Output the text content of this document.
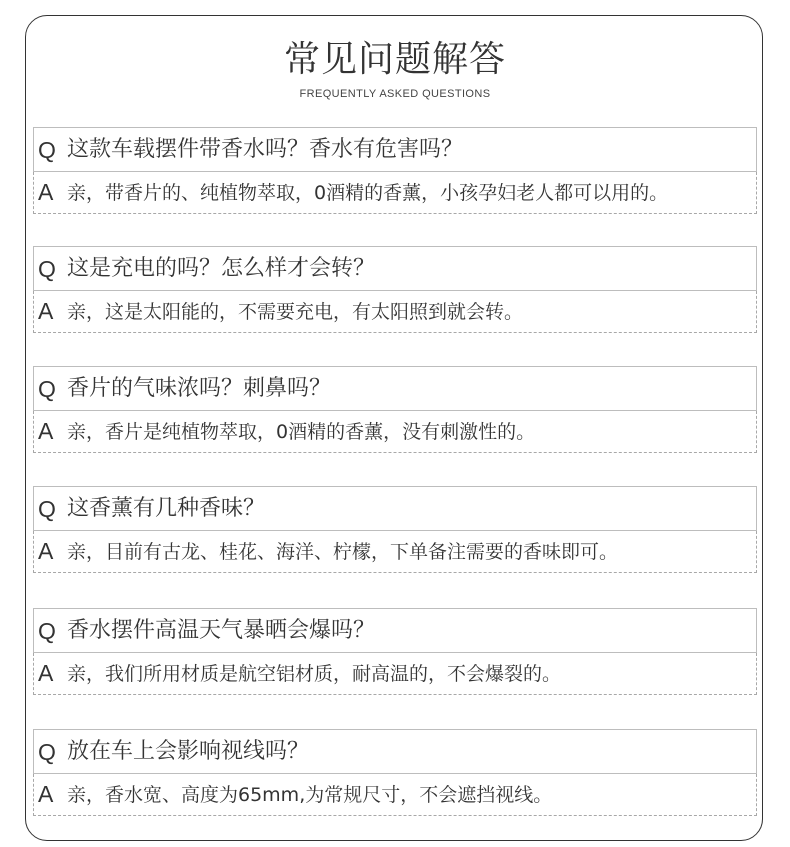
常见问题解答
FREQUENTLY ASKED QUESTIONS
Q 这款车载摆件带香水吗？香水有危害吗？
A 亲，带香片的、纯植物萃取，0酒精的香薰，小孩孕妇老人都可以用的。
Q 这是充电的吗？怎么样才会转？
A 亲，这是太阳能的，不需要充电，有太阳照到就会转。
Q 香片的气味浓吗？刺鼻吗？
A 亲，香片是纯植物萃取，0酒精的香薰，没有刺激性的。
Q 这香薰有几种香味？
A 亲，目前有古龙、桂花、海洋、柠檬，下单备注需要的香味即可。
Q 香水摆件高温天气暴晒会爆吗？
A 亲，我们所用材质是航空铝材质，耐高温的，不会爆裂的。
Q 放在车上会影响视线吗？
A 亲，香水宽、高度为65mm,为常规尺寸，不会遮挡视线。
